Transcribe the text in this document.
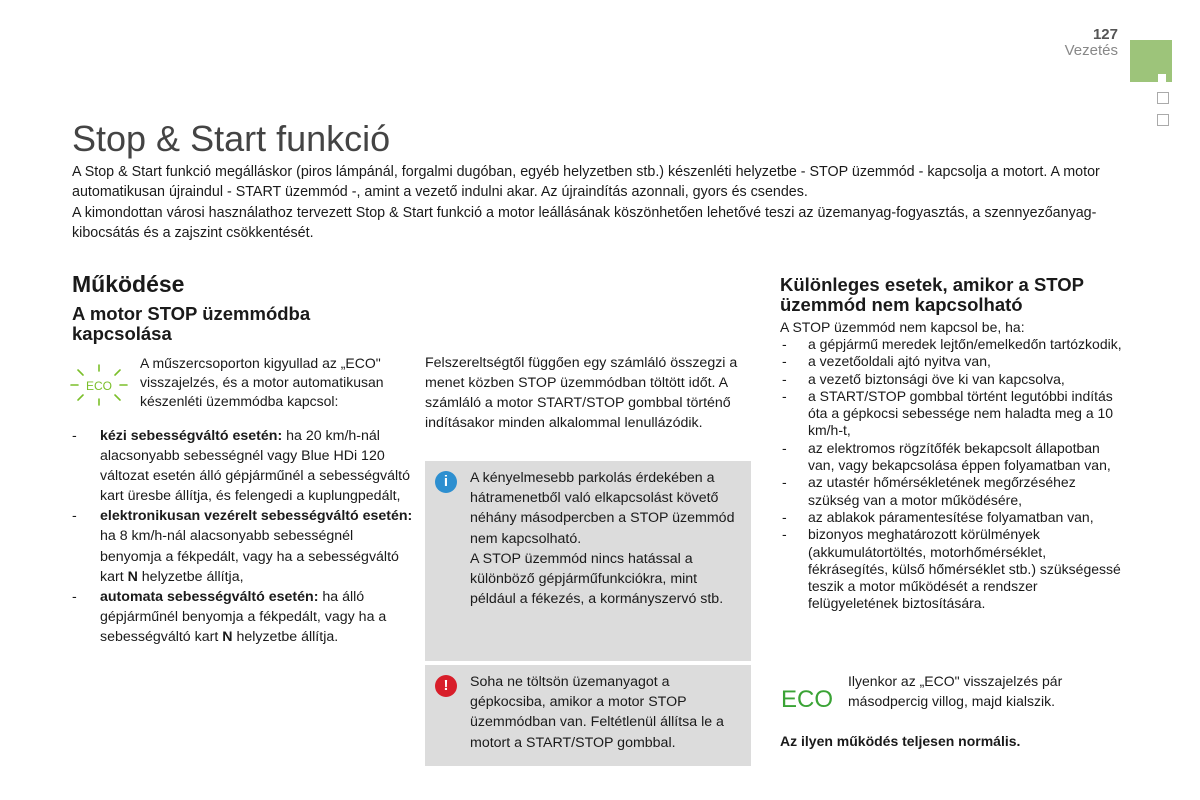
127
Vezetés
Stop & Start funkció

A Stop & Start funkció megálláskor (piros lámpánál, forgalmi dugóban, egyéb helyzetben stb.) készenléti helyzetbe - STOP üzemmód - kapcsolja a motort. A motor automatikusan újraindul - START üzemmód -, amint a vezető indulni akar. Az újraindítás azonnali, gyors és csendes.

A kimondottan városi használathoz tervezett Stop & Start funkció a motor leállásának köszönhetően lehetővé teszi az üzemanyag-fogyasztás, a szennyezőanyag-kibocsátás és a zajszint csökkentését.

Működése
A motor STOP üzemmódba kapcsolása
ECO
A műszercsoporton kigyullad az „ECO" visszajelzés, és a motor automatikusan készenléti üzemmódba kapcsol:
- kézi sebességváltó esetén: ha 20 km/h-nál alacsonyabb sebességnél vagy Blue HDi 120 változat esetén álló gépjárműnél a sebességváltó kart üresbe állítja, és felengedi a kuplungpedált,
- elektronikusan vezérelt sebességváltó esetén: ha 8 km/h-nál alacsonyabb sebességnél benyomja a fékpedált, vagy ha a sebességváltó kart N helyzetbe állítja,
- automata sebességváltó esetén: ha álló gépjárműnél benyomja a fékpedált, vagy ha a sebességváltó kart N helyzetbe állítja.
Felszereltségtől függően egy számláló összegzi a menet közben STOP üzemmódban töltött időt. A számláló a motor START/STOP gombbal történő indításakor minden alkalommal lenullázódik.
i	A kényelmesebb parkolás érdekében a hátramenetből való elkapcsolást követő néhány másodpercben a STOP üzemmód nem kapcsolható.
A STOP üzemmód nincs hatással a különböző gépjárműfunkciókra, mint például a fékezés, a kormányszervó stb.
!	Soha ne töltsön üzemanyagot a gépkocsiba, amikor a motor STOP üzemmódban van. Feltétlenül állítsa le a motort a START/STOP gombbal.
Különleges esetek, amikor a STOP üzemmód nem kapcsolható
A STOP üzemmód nem kapcsol be, ha:
- a gépjármű meredek lejtőn/emelkedőn tartózkodik,
- a vezetőoldali ajtó nyitva van,
- a vezető biztonsági öve ki van kapcsolva,
- a START/STOP gombbal történt legutóbbi indítás óta a gépkocsi sebessége nem haladta meg a 10 km/h-t,
- az elektromos rögzítőfék bekapcsolt állapotban van, vagy bekapcsolása éppen folyamatban van,
- az utastér hőmérsékletének megőrzéséhez szükség van a motor működésére,
- az ablakok páramentesítése folyamatban van,
- bizonyos meghatározott körülmények (akkumulátortöltés, motorhőmérséklet, fékrásegítés, külső hőmérséklet stb.) szükségessé teszik a motor működését a rendszer felügyeletének biztosítására.
ECO
Ilyenkor az „ECO" visszajelzés pár másodpercig villog, majd kialszik.
Az ilyen működés teljesen normális.
